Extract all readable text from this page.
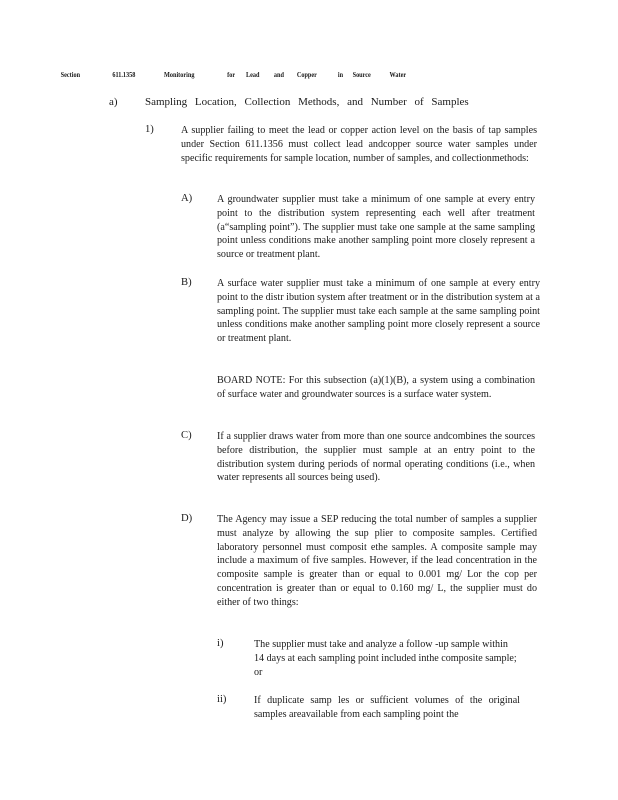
Section	611.1358	Monitoring	for Lead and Copper	in Source Water
a) Sampling Location, Collection Methods, and Number of Samples
1)	A supplier failing to meet the lead or copper action level on the basis of tap samples under Section 611.1356 must collect lead andcopper source water samples under specific requirements for sample location, number of samples, and collectionmethods:
A) A groundwater supplier must take a minimum of one sample at every entry point to the distribution system representing each well after treatment (a“sampling point”). The supplier must take one sample at the same sampling point unless conditions make another sampling point more closely represent a source or treatment plant.
B)	A surface water supplier must take a minimum of one sample at every entry point to the distr ibution system after treatment or in the distribution system at a sampling point. The supplier must take each sample at the same sampling point unless conditions make another sampling point more closely represent a source or treatment plant.
BOARD NOTE: For this subsection (a)(1)(B), a system using a combination of surface water and groundwater sources is a surface water system.
C)	If a supplier draws water from more than one source andcombines the sources before distribution, the supplier must sample at an entry point to the distribution system during periods of normal operating conditions (i.e., when water represents all sources being used).
D) The Agency may issue a SEP reducing the total number of samples a supplier must analyze by allowing the sup plier to composite samples. Certified laboratory personnel must composit ethe samples. A composite sample may include a maximum of five samples. However, if the lead concentration in the composite sample is greater than or equal to 0.001 mg/ Lor the cop per concentration is greater than or equal to 0.160 mg/ L, the supplier must do either of two things:
i)	The supplier must take and analyze a follow -up sample within 14 days at each sampling point included inthe composite sample; or
ii)	If duplicate samp les or sufficient volumes of the original samples areavailable from each sampling point the
